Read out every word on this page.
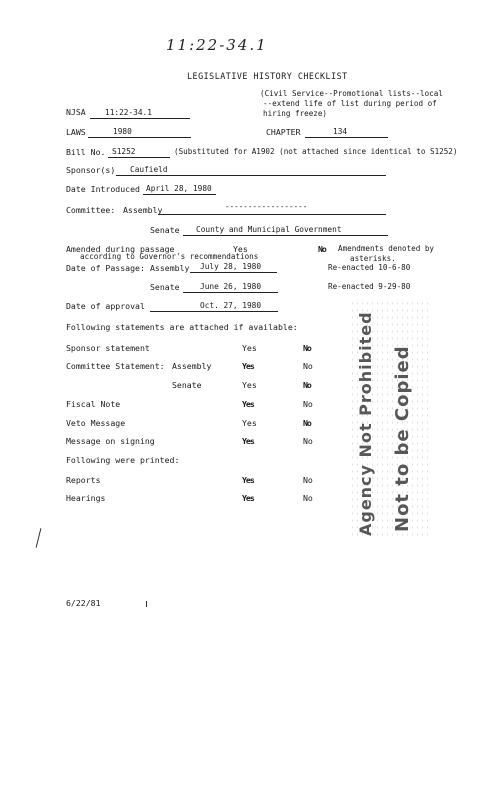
11:22-34.1
LEGISLATIVE HISTORY CHECKLIST
(Civil Service--Promotional lists--local
--extend life of list during period of
hiring freeze)
NJSA 11:22-34.1
LAWS	1980	CHAPTER	134
Bill No. S1252	(Substituted for A1902 (not attached since identical to S1252)
Sponsor(s) Caufield
Date Introduced April 28, 1980
Committee: Assembly	------------------
Senate County and Municipal Government
Amended during passage	Yes	No Amendments denoted by
asterisks.
according to Governor's recommendations
Date of Passage: Assembly July 28, 1980	Re-enacted 10-6-80
Senate	June 26, 1980	Re-enacted 9-29-80
Date of approval	Oct. 27, 1980
Following statements are attached if available:
Sponsor statement	Yes	No
Committee Statement: Assembly	Yes	No
Senate	Yes	No
Fiscal Note	Yes	No
Veto Message	Yes	No
Message on signing	Yes	No
Following were printed:
Reports	Yes	No
Hearings	Yes	No	Agency Not Prohibited Not to be Copied
6/22/81
